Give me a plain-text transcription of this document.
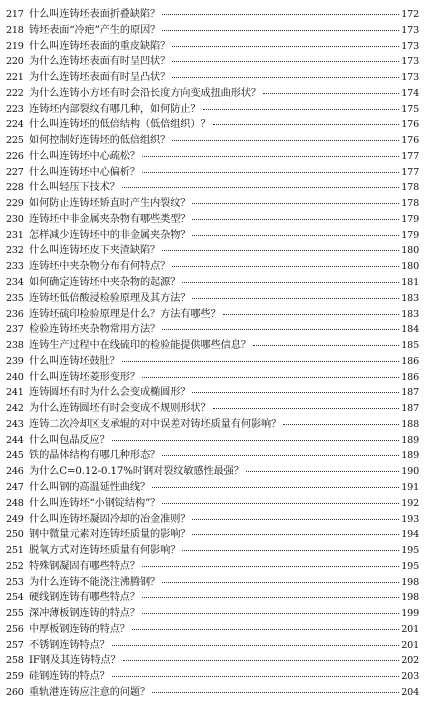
217 什么叫连铸坯表面折叠缺陷？	172
218 铸坯表面“冷疤”产生的原因？	173
219 什么叫连铸坯表面的重皮缺陷？	173
220 为什么连铸坯表面有时呈凹状？	173
221 为什么连铸坯表面有时呈凸状？	173
222 为什么连铸小方坯有时会沿长度方向变成扭曲形状？	174
223 连铸坯内部裂纹有哪几种，如何防止？	175
224 什么叫连铸坯的低倍结构（低倍组织）？	176
225 如何控制好连铸坯的低倍组织？	176
226 什么叫连铸坯中心疏松？	177
227 什么叫连铸坯中心偏析？	177
228 什么叫轻压下技术？	178
229 如何防止连铸坯矫直时产生内裂纹？	178
230 连铸坯中非金属夹杂物有哪些类型？	179
231 怎样减少连铸坯中的非金属夹杂物？	179
232 什么叫连铸坯皮下夹渣缺陷？	180
233 连铸坯中夹杂物分布有何特点？	180
234 如何确定连铸坯中夹杂物的起源？	181
235 连铸坯低倍酸浸检验原理及其方法？	183
236 连铸坯硫印检验原理是什么？方法有哪些？	183
237 检验连铸坯夹杂物常用方法？	184
238 连铸生产过程中在线硫印的检验能提供哪些信息？	185
239 什么叫连铸坯鼓肚？	186
240 什么叫连铸坯菱形变形？	186
241 连铸圆坯有时为什么会变成椭圆形？	187
242 为什么连铸圆坯有时会变成不规则形状？	187
243 连铸二次冷却区支承辊的对中误差对铸坯质量有何影响？	188
244 什么叫包晶反应？	189
245 铁的晶体结构有哪几种形态？	189
246 为什么C=0.12-0.17%时钢对裂纹敏感性最强？	190
247 什么叫钢的高温延性曲线？	191
248 什么叫连铸坯“小钢锭结构”？	192
249 什么叫连铸坯凝固冷却的冶金准则？	193
250 钢中微量元素对连铸坯质量的影响？	194
251 脱氧方式对连铸坯质量有何影响？	195
252 特殊钢凝固有哪些特点？	195
253 为什么连铸不能浇注沸腾钢？	198
254 硬线钢连铸有哪些特点？	198
255 深冲薄板钢连铸的特点？	199
256 中厚板钢连铸的特点？	201
257 不锈钢连铸特点？	201
258 IF钢及其连铸特点？	202
259 硅钢连铸的特点？	203
260 重轨港连铸应注意的问题？	204
